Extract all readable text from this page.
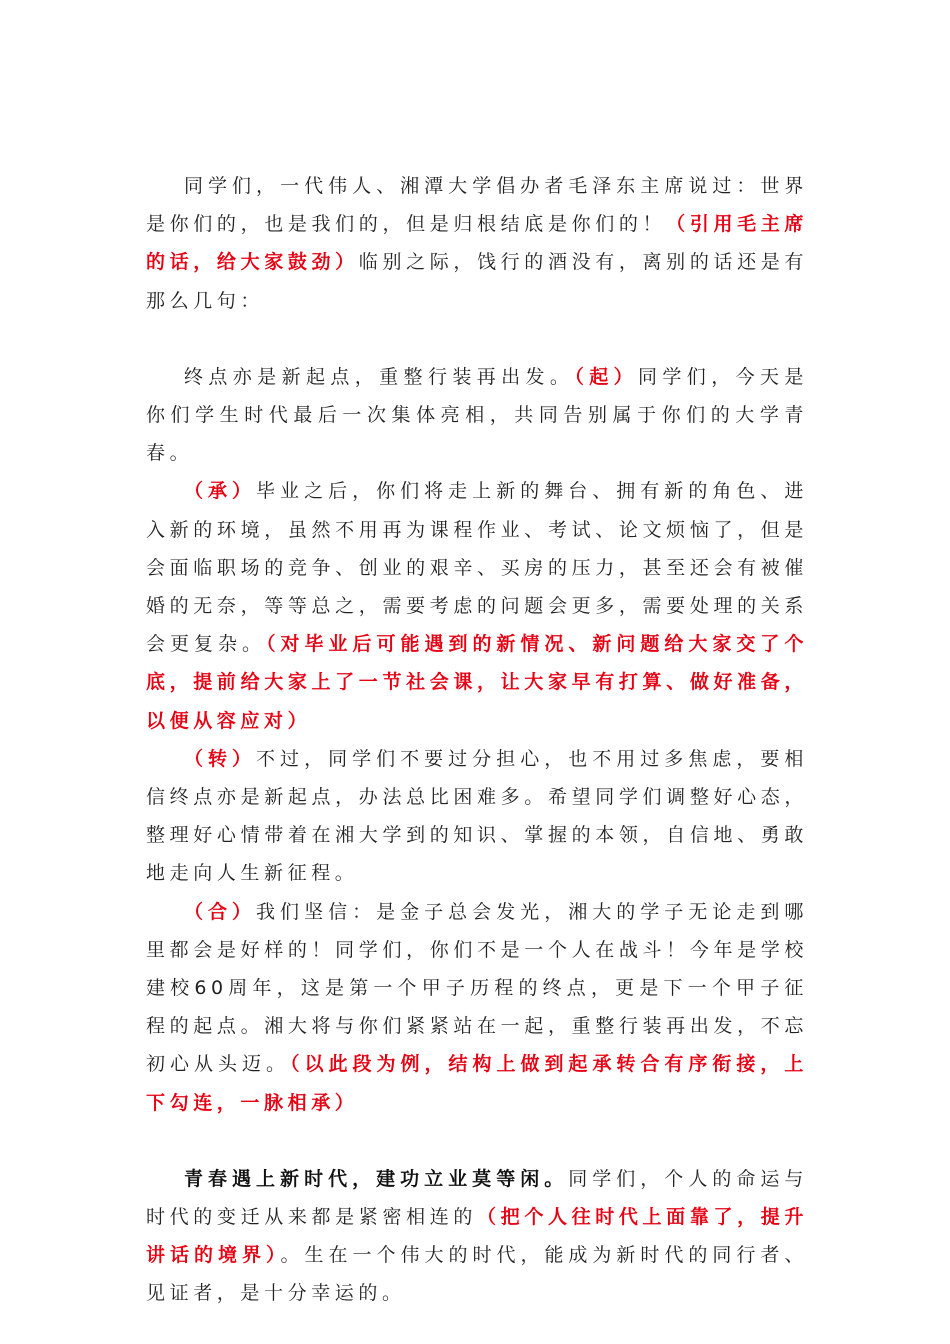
同学们，一代伟人、湘潭大学倡办者毛泽东主席说过：世界是你们的，也是我们的，但是归根结底是你们的！（引用毛主席的话，给大家鼓劲）临别之际，饯行的酒没有，离别的话还是有那么几句：

终点亦是新起点，重整行装再出发。（起）同学们，今天是你们学生时代最后一次集体亮相，共同告别属于你们的大学青春。

（承）毕业之后，你们将走上新的舞台、拥有新的角色、进入新的环境，虽然不用再为课程作业、考试、论文烦恼了，但是会面临职场的竞争、创业的艰辛、买房的压力，甚至还会有被催婚的无奈，等等总之，需要考虑的问题会更多，需要处理的关系会更复杂。（对毕业后可能遇到的新情况、新问题给大家交了个底，提前给大家上了一节社会课，让大家早有打算、做好准备，以便从容应对）

（转）不过，同学们不要过分担心，也不用过多焦虑，要相信终点亦是新起点，办法总比困难多。希望同学们调整好心态，整理好心情带着在湘大学到的知识、掌握的本领，自信地、勇敢地走向人生新征程。

（合）我们坚信：是金子总会发光，湘大的学子无论走到哪里都会是好样的！同学们，你们不是一个人在战斗！今年是学校建校60周年，这是第一个甲子历程的终点，更是下一个甲子征程的起点。湘大将与你们紧紧站在一起，重整行装再出发，不忘初心从头迈。（以此段为例，结构上做到起承转合有序衔接，上下勾连，一脉相承）

青春遇上新时代，建功立业莫等闲。同学们，个人的命运与时代的变迁从来都是紧密相连的（把个人往时代上面靠了，提升讲话的境界）。生在一个伟大的时代，能成为新时代的同行者、见证者，是十分幸运的。
